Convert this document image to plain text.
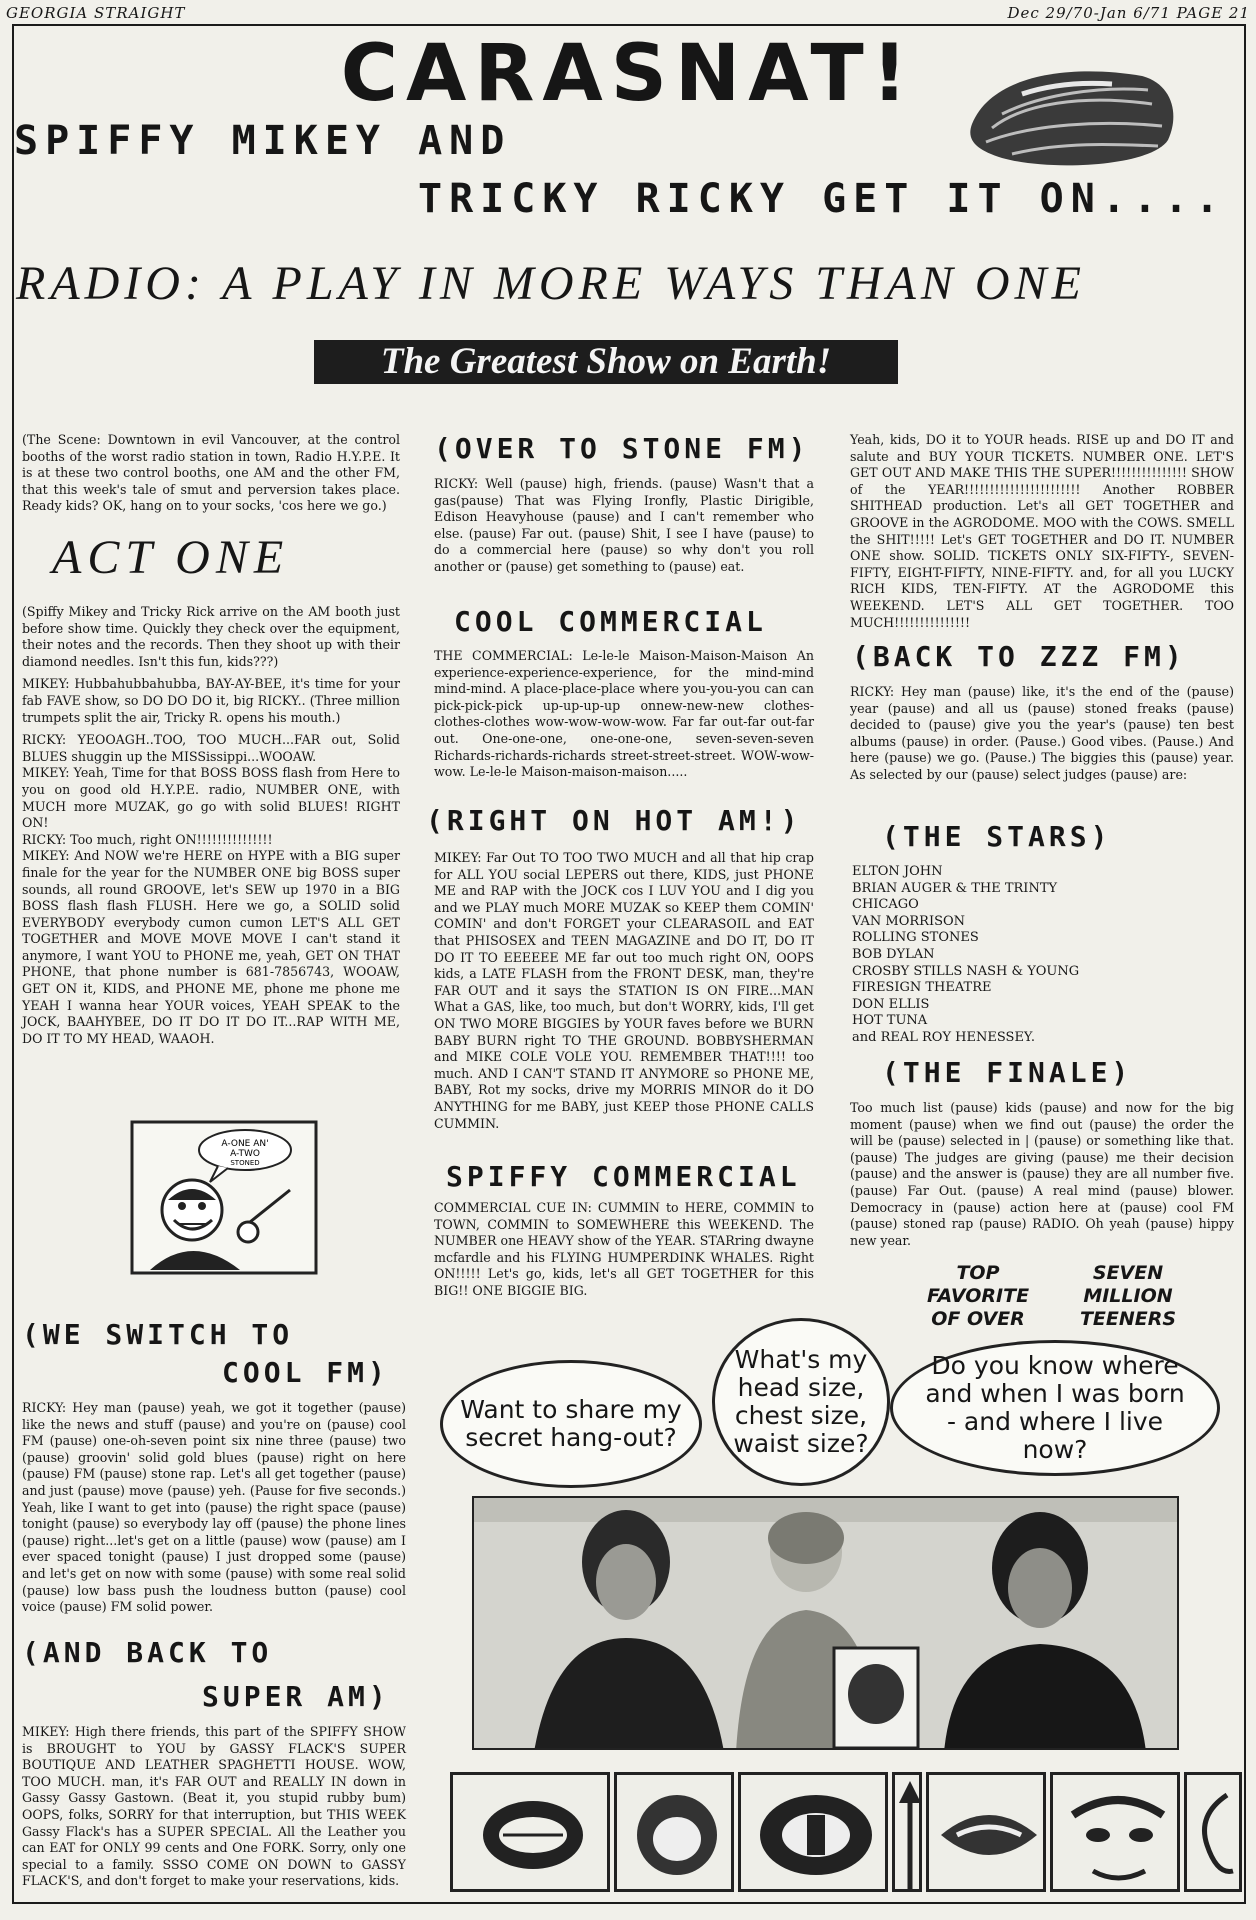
GEORGIA STRAIGHT	Dec 29/70-Jan 6/71 PAGE 21
CARASNAT!
SPIFFY MIKEY AND
TRICKY RICKY GET IT ON....
RADIO: A PLAY IN MORE WAYS THAN ONE
The Greatest Show on Earth!

(The Scene: Downtown in evil Vancouver, at the control booths of the worst radio station in town, Radio H.Y.P.E. It is at these two control booths, one AM and the other FM, that this week's tale of smut and perversion takes place. Ready kids? OK, hang on to your socks, 'cos here we go.)

ACT ONE

(Spiffy Mikey and Tricky Rick arrive on the AM booth just before show time. Quickly they check over the equipment, their notes and the records. Then they shoot up with their diamond needles. Isn't this fun, kids???)

MIKEY: Hubbahubbahubba, BAY-AY-BEE, it's time for your fab FAVE show, so DO DO DO it, big RICKY.. (Three million trumpets split the air, Tricky R. opens his mouth.)

RICKY: YEOOAGH..TOO, TOO MUCH...FAR out, Solid BLUES shuggin up the MISSissippi...WOOAW.

MIKEY: Yeah, Time for that BOSS BOSS flash from Here to you on good old H.Y.P.E. radio, NUMBER ONE, with MUCH more MUZAK, go go with solid BLUES! RIGHT ON!

RICKY: Too much, right ON!!!!!!!!!!!!!!!

MIKEY: And NOW we're HERE on HYPE with a BIG super finale for the year for the NUMBER ONE big BOSS super sounds, all round GROOVE, let's SEW up 1970 in a BIG BOSS flash flash FLUSH. Here we go, a SOLID solid EVERYBODY everybody cumon cumon LET'S ALL GET TOGETHER and MOVE MOVE MOVE I can't stand it anymore, I want YOU to PHONE me, yeah, GET ON THAT PHONE, that phone number is 681-7856743, WOOAW, GET ON it, KIDS, and PHONE ME, phone me phone me YEAH I wanna hear YOUR voices, YEAH SPEAK to the JOCK, BAAHYBEE, DO IT DO IT DO IT...RAP WITH ME, DO IT TO MY HEAD, WAAOH.

A-ONE AN'
A-TWO
STONED
(OVER TO STONE FM)

RICKY: Well (pause) high, friends. (pause) Wasn't that a gas(pause) That was Flying Ironfly, Plastic Dirigible, Edison Heavyhouse (pause) and I can't remember who else. (pause) Far out. (pause) Shit, I see I have (pause) to do a commercial here (pause) so why don't you roll another or (pause) get something to (pause) eat.

COOL COMMERCIAL

THE COMMERCIAL: Le-le-le Maison-Maison-Maison An experience-experience-experience, for the mind-mind mind-mind. A place-place-place where you-you-you can can pick-pick-pick up-up-up-up onnew-new-new clothes-clothes-clothes wow-wow-wow-wow. Far far out-far out-far out. One-one-one, one-one-one, seven-seven-seven Richards-richards-richards street-street-street. WOW-wow-wow. Le-le-le Maison-maison-maison.....

(RIGHT ON HOT AM!)

MIKEY: Far Out TO TOO TWO MUCH and all that hip crap for ALL YOU social LEPERS out there, KIDS, just PHONE ME and RAP with the JOCK cos I LUV YOU and I dig you and we PLAY much MORE MUZAK so KEEP them COMIN' COMIN' and don't FORGET your CLEARASOIL and EAT that PHISOSEX and TEEN MAGAZINE and DO IT, DO IT DO IT TO EEEEEE ME far out too much right ON, OOPS kids, a LATE FLASH from the FRONT DESK, man, they're FAR OUT and it says the STATION IS ON FIRE...MAN What a GAS, like, too much, but don't WORRY, kids, I'll get ON TWO MORE BIGGIES by YOUR faves before we BURN BABY BURN right TO THE GROUND. BOBBYSHERMAN and MIKE COLE VOLE YOU. REMEMBER THAT!!!! too much. AND I CAN'T STAND IT ANYMORE so PHONE ME, BABY, Rot my socks, drive my MORRIS MINOR do it DO ANYTHING for me BABY, just KEEP those PHONE CALLS CUMMIN.

SPIFFY COMMERCIAL

COMMERCIAL CUE IN: CUMMIN to HERE, COMMIN to TOWN, COMMIN to SOMEWHERE this WEEKEND. The NUMBER one HEAVY show of the YEAR. STARring dwayne mcfardle and his FLYING HUMPERDINK WHALES. Right ON!!!!! Let's go, kids, let's all GET TOGETHER for this BIG!! ONE BIGGIE BIG.

Yeah, kids, DO it to YOUR heads. RISE up and DO IT and salute and BUY YOUR TICKETS. NUMBER ONE. LET'S GET OUT AND MAKE THIS THE SUPER!!!!!!!!!!!!!!! SHOW of the YEAR!!!!!!!!!!!!!!!!!!!!!!! Another ROBBER SHITHEAD production. Let's all GET TOGETHER and GROOVE in the AGRODOME. MOO with the COWS. SMELL the SHIT!!!!! Let's GET TOGETHER and DO IT. NUMBER ONE show. SOLID. TICKETS ONLY SIX-FIFTY-, SEVEN-FIFTY, EIGHT-FIFTY, NINE-FIFTY. and, for all you LUCKY RICH KIDS, TEN-FIFTY. AT the AGRODOME this WEEKEND. LET'S ALL GET TOGETHER. TOO MUCH!!!!!!!!!!!!!!!

(BACK TO ZZZ FM)

RICKY: Hey man (pause) like, it's the end of the (pause) year (pause) and all us (pause) stoned freaks (pause) decided to (pause) give you the year's (pause) ten best albums (pause) in order. (Pause.) Good vibes. (Pause.) And here (pause) we go. (Pause.) The biggies this (pause) year. As selected by our (pause) select judges (pause) are:

(THE STARS)
ELTON JOHN
BRIAN AUGER & THE TRINTY
CHICAGO
VAN MORRISON
ROLLING STONES
BOB DYLAN
CROSBY STILLS NASH & YOUNG
FIRESIGN THEATRE
DON ELLIS
HOT TUNA
and REAL ROY HENESSEY.
(THE FINALE)

Too much list (pause) kids (pause) and now for the big moment (pause) when we find out (pause) the order the will be (pause) selected in | (pause) or something like that. (pause) The judges are giving (pause) me their decision (pause) and the answer is (pause) they are all number five. (pause) Far Out. (pause) A real mind (pause) blower. Democracy in (pause) action here at (pause) cool FM (pause) stoned rap (pause) RADIO. Oh yeah (pause) hippy new year.

TOP
FAVORITE
OF OVER
SEVEN
MILLION
TEENERS
(WE SWITCH TO
COOL FM)

RICKY: Hey man (pause) yeah, we got it together (pause) like the news and stuff (pause) and you're on (pause) cool FM (pause) one-oh-seven point six nine three (pause) two (pause) groovin' solid gold blues (pause) right on here (pause) FM (pause) stone rap. Let's all get together (pause) and just (pause) move (pause) yeh. (Pause for five seconds.) Yeah, like I want to get into (pause) the right space (pause) tonight (pause) so everybody lay off (pause) the phone lines (pause) right...let's get on a little (pause) wow (pause) am I ever spaced tonight (pause) I just dropped some (pause) and let's get on now with some (pause) with some real solid (pause) low bass push the loudness button (pause) cool voice (pause) FM solid power.

(AND BACK TO
SUPER AM)

MIKEY: High there friends, this part of the SPIFFY SHOW is BROUGHT to YOU by GASSY FLACK'S SUPER BOUTIQUE AND LEATHER SPAGHETTI HOUSE. WOW, TOO MUCH. man, it's FAR OUT and REALLY IN down in Gassy Gassy Gastown. (Beat it, you stupid rubby bum) OOPS, folks, SORRY for that interruption, but THIS WEEK Gassy Flack's has a SUPER SPECIAL. All the Leather you can EAT for ONLY 99 cents and One FORK. Sorry, only one special to a family. SSSO COME ON DOWN to GASSY FLACK'S, and don't forget to make your reservations, kids.

Want to share my secret hang-out?
What's my head size, chest size, waist size?
Do you know where and when I was born - and where I live now?
